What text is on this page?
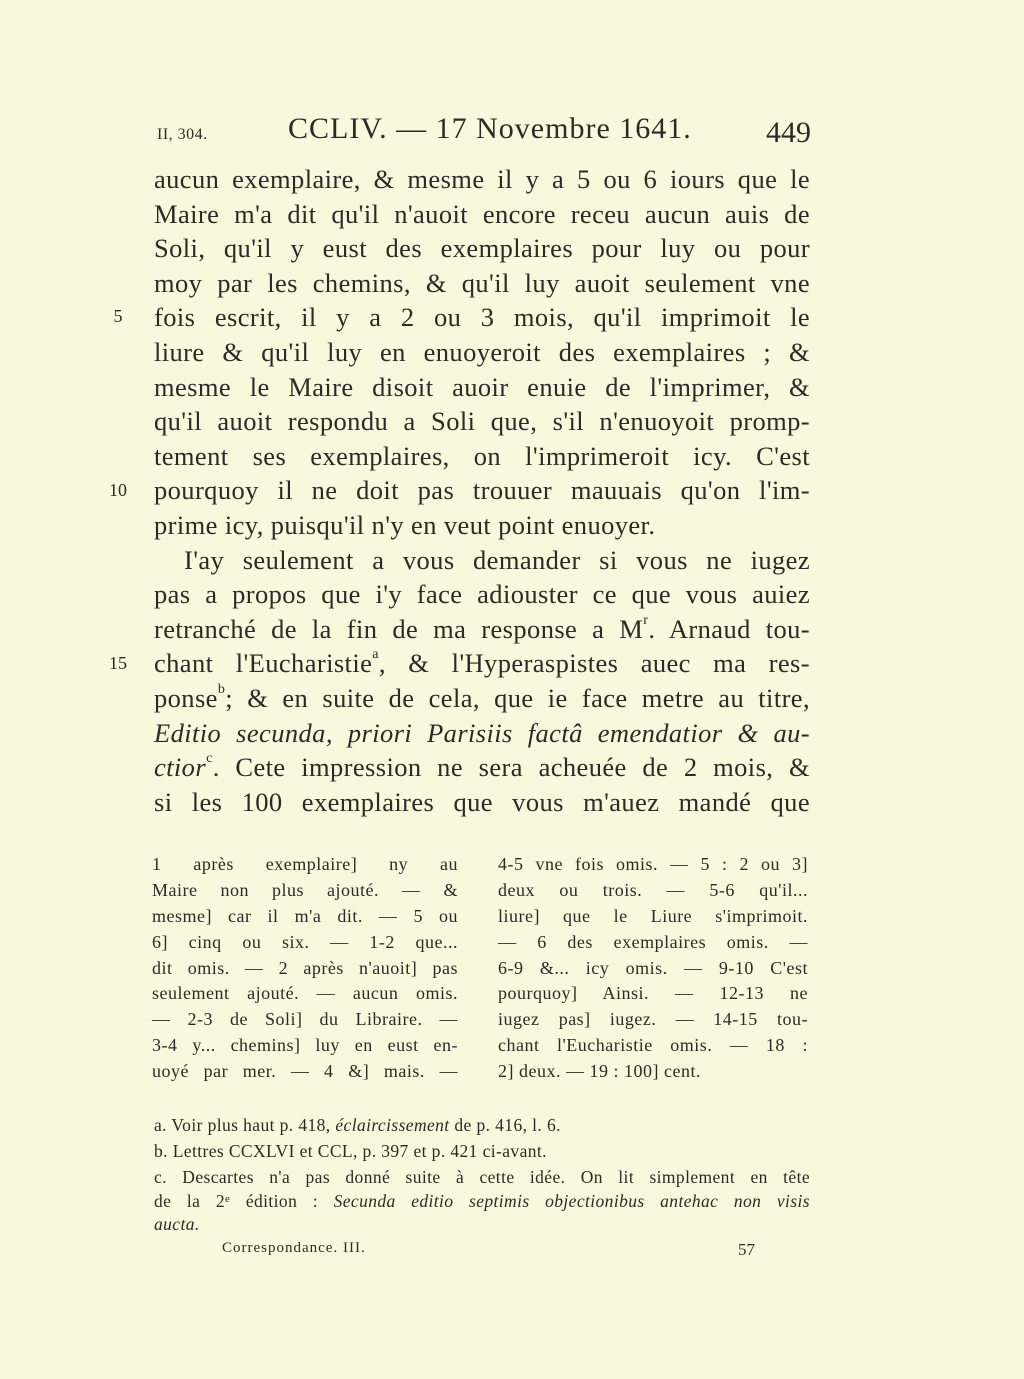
II, 304.	CCLIV. — 17 Novembre 1641. 449
5
10
15
aucun exemplaire, & mesme il y a 5 ou 6 iours que le
Maire m'a dit qu'il n'auoit encore receu aucun auis de
Soli, qu'il y eust des exemplaires pour luy ou pour
moy par les chemins, & qu'il luy auoit seulement vne
fois escrit, il y a 2 ou 3 mois, qu'il imprimoit le
liure & qu'il luy en enuoyeroit des exemplaires ; &
mesme le Maire disoit auoir enuie de l'imprimer, &
qu'il auoit respondu a Soli que, s'il n'enuoyoit promp-
tement ses exemplaires, on l'imprimeroit icy. C'est
pourquoy il ne doit pas trouuer mauuais qu'on l'im-
prime icy, puisqu'il n'y en veut point enuoyer.
I'ay seulement a vous demander si vous ne iugez
pas a propos que i'y face adiouster ce que vous auiez
retranché de la fin de ma response a $M^r$. Arnaud tou-
chant l'Eucharistie$^a$, & l'Hyperaspistes auec ma res-
ponse$^b$; & en suite de cela, que ie face metre au titre,
Editio secunda, priori Parisiis factâ emendatior & au-
ctior$^c$. Cete impression ne sera acheuée de 2 mois, &
si les 100 exemplaires que vous m'auez mandé que
1 après exemplaire] ny au
Maire non plus ajouté. — &
mesme] car il m'a dit. — 5 ou
6] cinq ou six. — 1-2 que...
dit omis. — 2 après n'auoit] pas
seulement ajouté. — aucun omis.
— 2-3 de Soli] du Libraire. —
3-4 y... chemins] luy en eust en-
uoyé par mer. — 4 &] mais. —
4-5 vne fois omis. — 5 : 2 ou 3]
deux ou trois. — 5-6 qu'il...
liure] que le Liure s'imprimoit.
— 6 des exemplaires omis. —
6-9 &... icy omis. — 9-10 C'est
pourquoy] Ainsi. — 12-13 ne
iugez pas] iugez. — 14-15 tou-
chant l'Eucharistie omis. — 18 :
2] deux. — 19 : 100] cent.
a. Voir plus haut p. 418, éclaircissement de p. 416, l. 6.
b. Lettres CCXLVI et CCL, p. 397 et p. 421 ci-avant.
c. Descartes n'a pas donné suite à cette idée. On lit simplement en tête
de la 2e édition : Secunda editio septimis objectionibus antehac non visis
aucta.
Correspondance. III.	57
